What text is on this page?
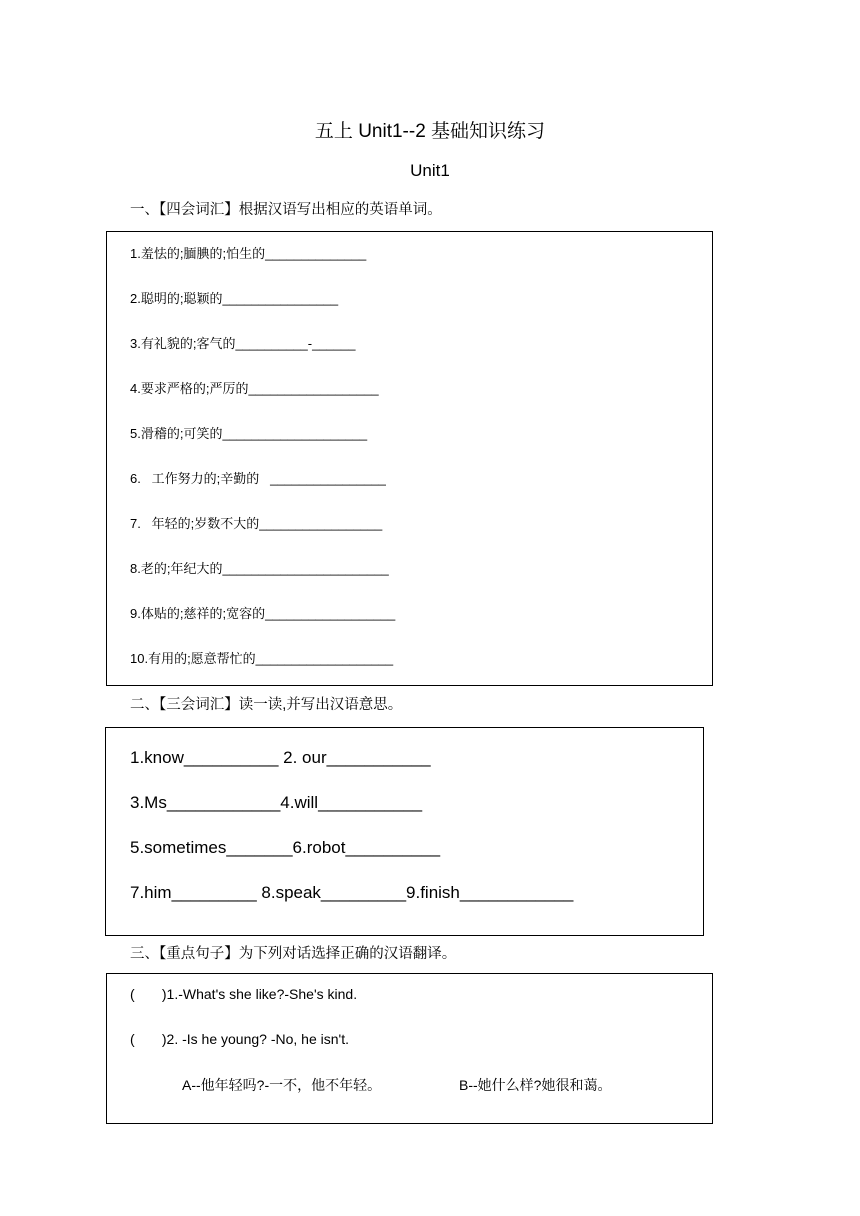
五上 Unit1--2 基础知识练习
Unit1
一、【四会词汇】根据汉语写出相应的英语单词。
1.羞怯的;腼腆的;怕生的______________
2.聪明的;聪颖的________________
3.有礼貌的;客气的__________-______
4.要求严格的;严厉的__________________
5.滑稽的;可笑的____________________
6.   工作努力的;辛勤的   ________________
7.   年轻的;岁数不大的_________________
8.老的;年纪大的_______________________
9.体贴的;慈祥的;宽容的__________________
10.有用的;愿意帮忙的___________________
二、【三会词汇】读一读,并写出汉语意思。
1.know__________ 2. our___________
3.Ms____________4.will___________
5.sometimes_______6.robot__________
7.him_________ 8.speak_________9.finish____________
三、【重点句子】为下列对话选择正确的汉语翻译。
(       )1.-What's she like?-She's kind.
(       )2. -Is he young? -No, he isn't.
A--他年轻吗?-一不，他不年轻。	B--她什么样?她很和蔼。
